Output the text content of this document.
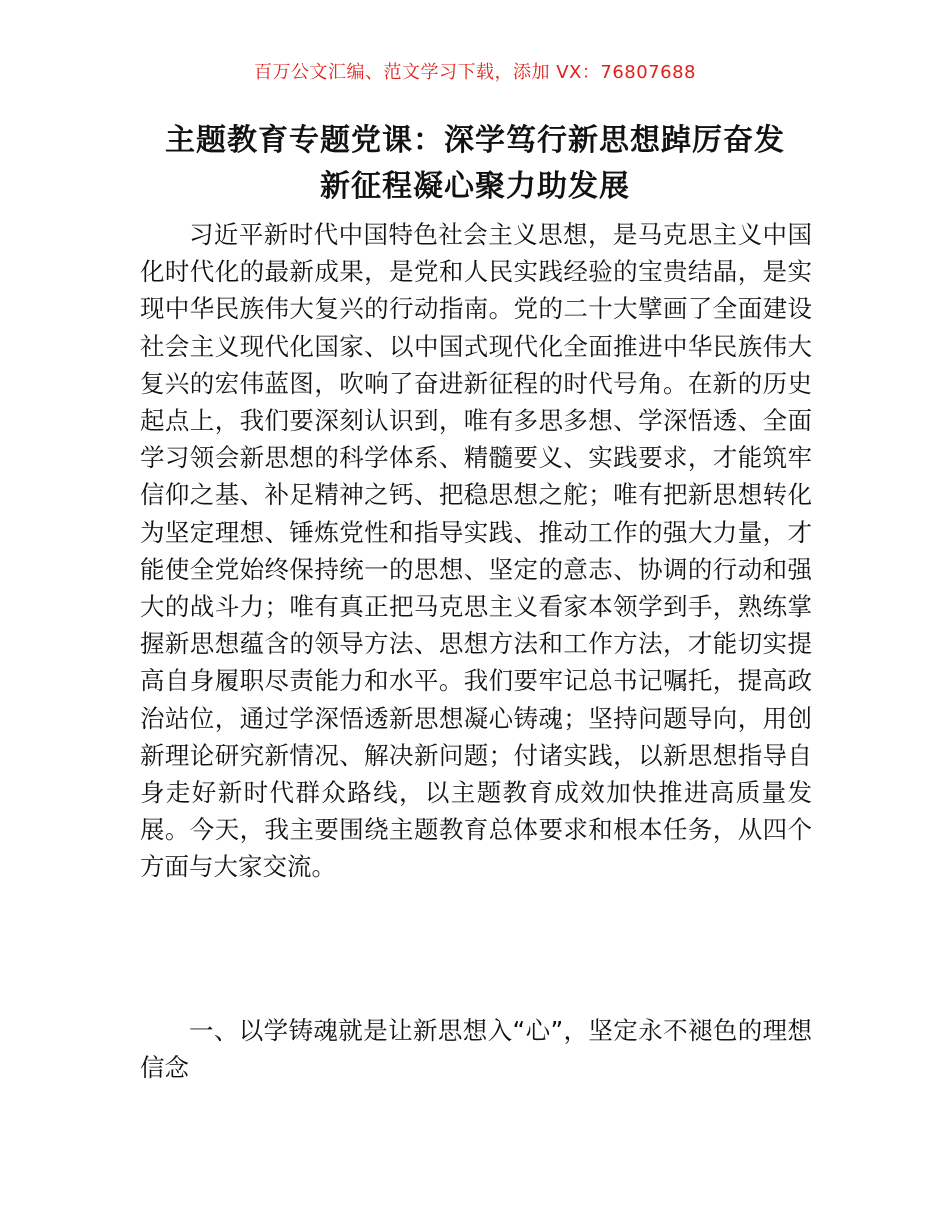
百万公文汇编、范文学习下载，添加 VX：76807688
主题教育专题党课：深学笃行新思想踔厉奋发
新征程凝心聚力助发展

习近平新时代中国特色社会主义思想，是马克思主义中国化时代化的最新成果，是党和人民实践经验的宝贵结晶，是实现中华民族伟大复兴的行动指南。党的二十大擘画了全面建设社会主义现代化国家、以中国式现代化全面推进中华民族伟大复兴的宏伟蓝图，吹响了奋进新征程的时代号角。在新的历史起点上，我们要深刻认识到，唯有多思多想、学深悟透、全面学习领会新思想的科学体系、精髓要义、实践要求，才能筑牢信仰之基、补足精神之钙、把稳思想之舵；唯有把新思想转化为坚定理想、锤炼党性和指导实践、推动工作的强大力量，才能使全党始终保持统一的思想、坚定的意志、协调的行动和强大的战斗力；唯有真正把马克思主义看家本领学到手，熟练掌握新思想蕴含的领导方法、思想方法和工作方法，才能切实提高自身履职尽责能力和水平。我们要牢记总书记嘱托，提高政治站位，通过学深悟透新思想凝心铸魂；坚持问题导向，用创新理论研究新情况、解决新问题；付诸实践，以新思想指导自身走好新时代群众路线，以主题教育成效加快推进高质量发展。今天，我主要围绕主题教育总体要求和根本任务，从四个方面与大家交流。

一、以学铸魂就是让新思想入“心”，坚定永不褪色的理想信念
